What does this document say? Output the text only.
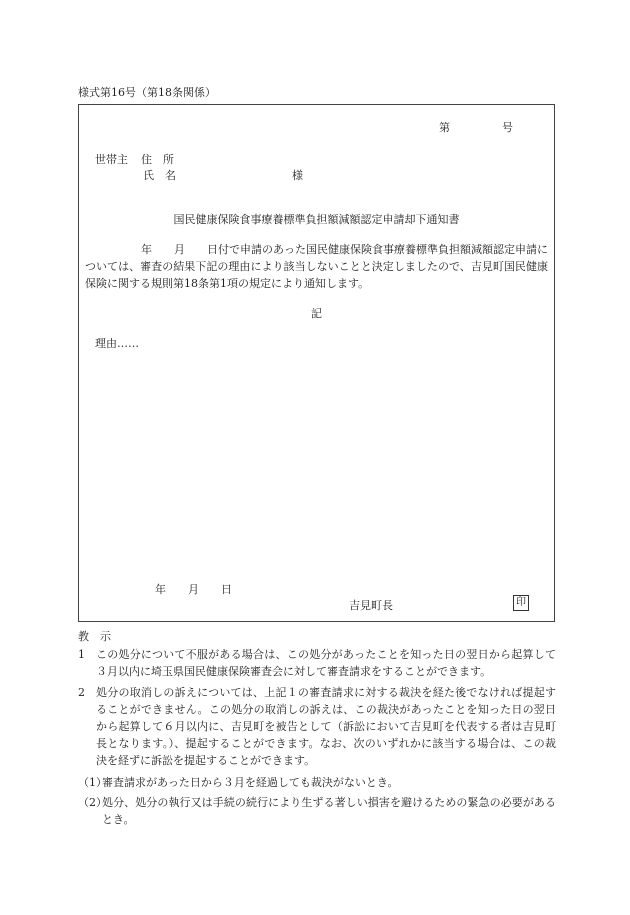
様式第16号（第18条関係）
第	号
世帯主 住　所
氏　名	様
国民健康保険食事療養標準負担額減額認定申請却下通知書
年 月 日付で申請のあった国民健康保険食事療養標準負担額減額認定申請については、審査の結果下記の理由により該当しないことと決定しましたので、吉見町国民健康保険に関する規則第18条第1項の規定により通知します。
記
理由……
年 月 日
吉見町長	印
教　示
1	この処分について不服がある場合は、この処分があったことを知った日の翌日から起算して３月以内に埼玉県国民健康保険審査会に対して審査請求をすることができます。
2	処分の取消しの訴えについては、上記１の審査請求に対する裁決を経た後でなければ提起することができません。この処分の取消しの訴えは、この裁決があったことを知った日の翌日から起算して６月以内に、吉見町を被告として（訴訟において吉見町を代表する者は吉見町長となります。）、提起することができます。なお、次のいずれかに該当する場合は、この裁決を経ずに訴訟を提起することができます。
（1）
審査請求があった日から３月を経過しても裁決がないとき。
（2）
処分、処分の執行又は手続の続行により生ずる著しい損害を避けるための緊急の必要があるとき。
